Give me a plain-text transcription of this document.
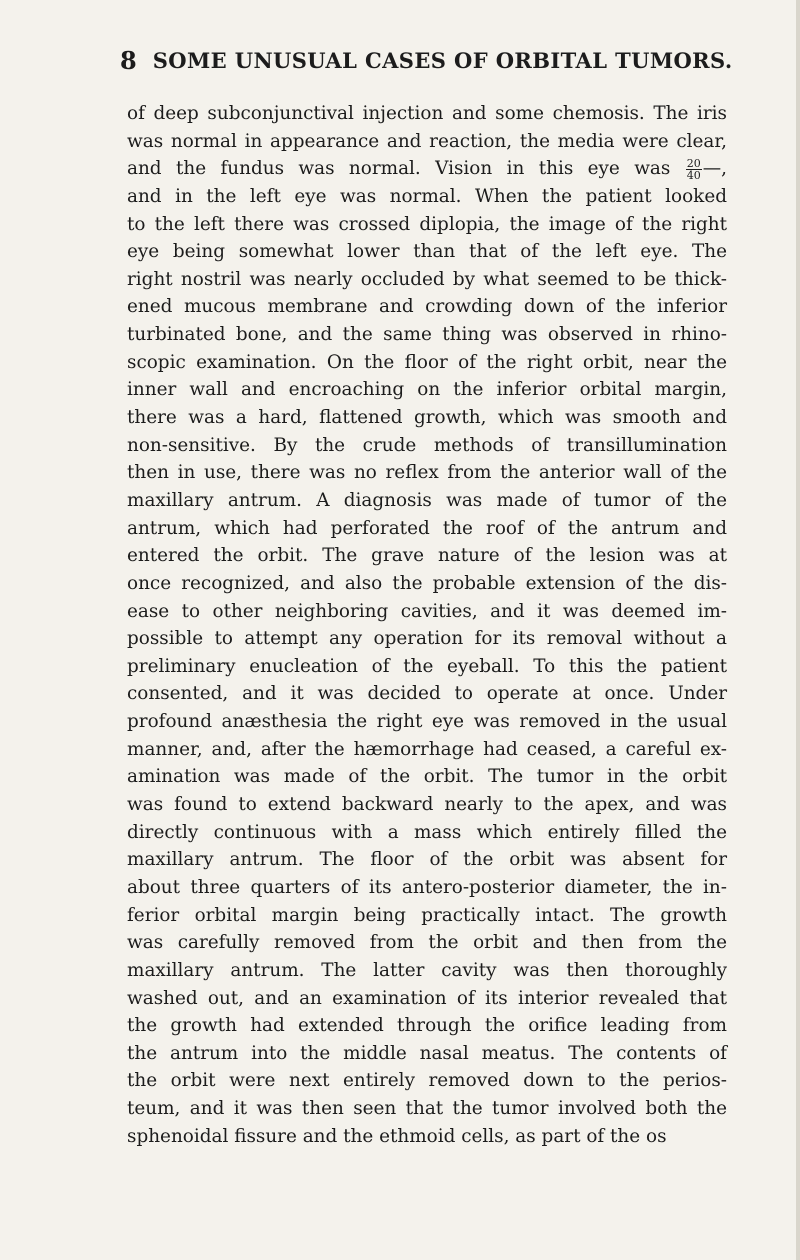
8 SOME UNUSUAL CASES OF ORBITAL TUMORS.
of deep subconjunctival injection and some chemosis. The iris
was normal in appearance and reaction, the media were clear,
and the fundus was normal. Vision in this eye was $\frac{20}{40}$ —,
and in the left eye was normal. When the patient looked
to the left there was crossed diplopia, the image of the right
eye being somewhat lower than that of the left eye. The
right nostril was nearly occluded by what seemed to be thick-
ened mucous membrane and crowding down of the inferior
turbinated bone, and the same thing was observed in rhino-
scopic examination. On the floor of the right orbit, near the
inner wall and encroaching on the inferior orbital margin,
there was a hard, flattened growth, which was smooth and
non-sensitive. By the crude methods of transillumination
then in use, there was no reflex from the anterior wall of the
maxillary antrum. A diagnosis was made of tumor of the
antrum, which had perforated the roof of the antrum and
entered the orbit. The grave nature of the lesion was at
once recognized, and also the probable extension of the dis-
ease to other neighboring cavities, and it was deemed im-
possible to attempt any operation for its removal without a
preliminary enucleation of the eyeball. To this the patient
consented, and it was decided to operate at once. Under
profound anæsthesia the right eye was removed in the usual
manner, and, after the hæmorrhage had ceased, a careful ex-
amination was made of the orbit. The tumor in the orbit
was found to extend backward nearly to the apex, and was
directly continuous with a mass which entirely filled the
maxillary antrum. The floor of the orbit was absent for
about three quarters of its antero-posterior diameter, the in-
ferior orbital margin being practically intact. The growth
was carefully removed from the orbit and then from the
maxillary antrum. The latter cavity was then thoroughly
washed out, and an examination of its interior revealed that
the growth had extended through the orifice leading from
the antrum into the middle nasal meatus. The contents of
the orbit were next entirely removed down to the perios-
teum, and it was then seen that the tumor involved both the
sphenoidal fissure and the ethmoid cells, as part of the os
